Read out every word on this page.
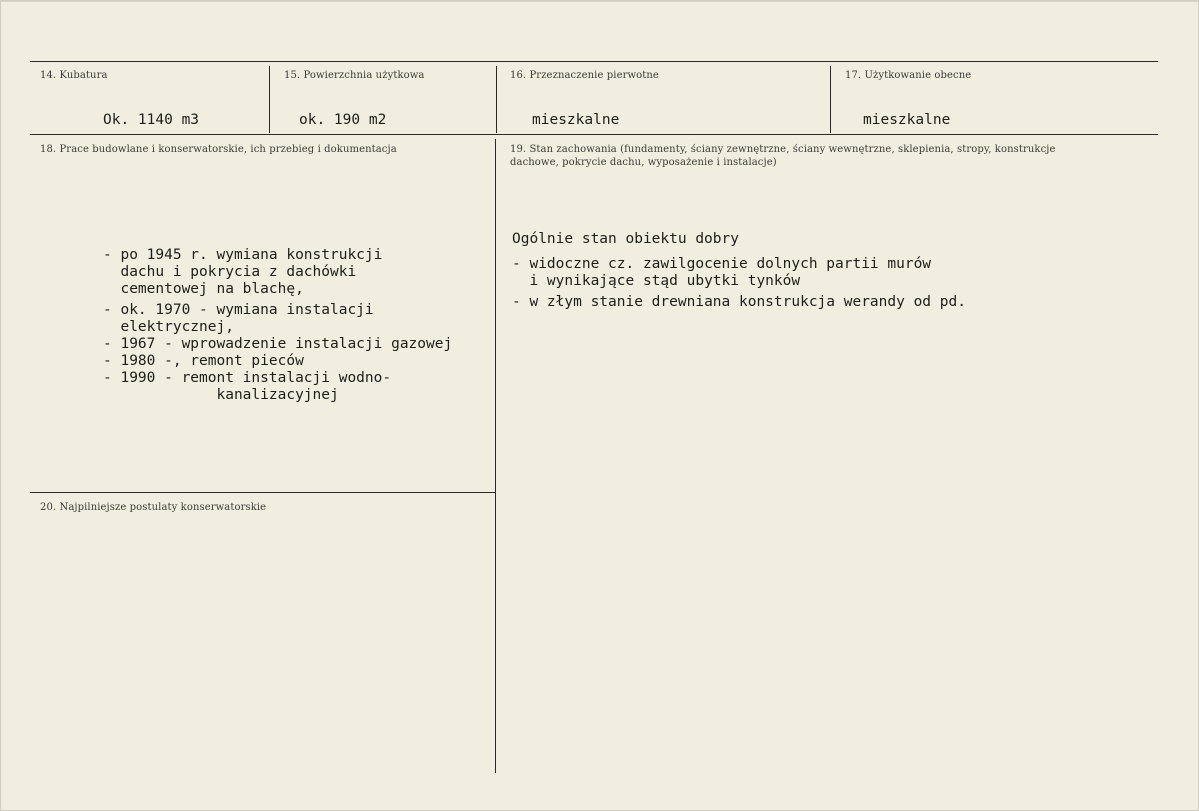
14. Kubatura
Ok. 1140 m3
15. Powierzchnia użytkowa
ok. 190 m2
16. Przeznaczenie pierwotne
mieszkalne
17. Użytkowanie obecne
mieszkalne
18. Prace budowlane i konserwatorskie, ich przebieg i dokumentacja
- po 1945 r. wymiana konstrukcji
dachu i pokrycia z dachówki
cementowej na blachę,
- ok. 1970 - wymiana instalacji
elektrycznej,
- 1967 - wprowadzenie instalacji gazowej
- 1980 -, remont pieców
- 1990 - remont instalacji wodno-
kanalizacyjnej
19. Stan zachowania (fundamenty, ściany zewnętrzne, ściany wewnętrzne, sklepienia, stropy, konstrukcje dachowe, pokrycie dachu, wyposażenie i instalacje)
Ogólnie stan obiektu dobry
- widoczne cz. zawilgocenie dolnych partii murów
i wynikające stąd ubytki tynków
- w złym stanie drewniana konstrukcja werandy od pd.
20. Najpilniejsze postulaty konserwatorskie
